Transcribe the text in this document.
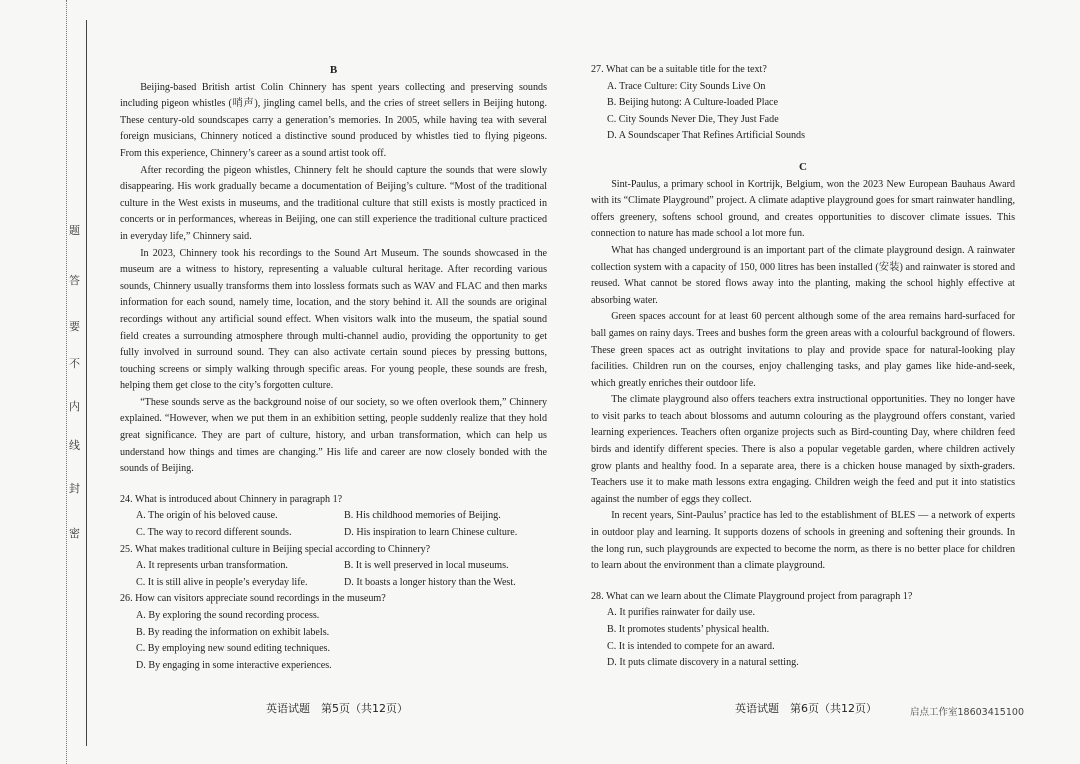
题
答
要
不
内
线
封
密

B

Beijing-based British artist Colin Chinnery has spent years collecting and preserving sounds including pigeon whistles (哨声), jingling camel bells, and the cries of street sellers in Beijing hutong. These century-old soundscapes carry a generation’s memories. In 2005, while having tea with several foreign musicians, Chinnery noticed a distinctive sound produced by whistles tied to flying pigeons. From this experience, Chinnery’s career as a sound artist took off.

After recording the pigeon whistles, Chinnery felt he should capture the sounds that were slowly disappearing. His work gradually became a documentation of Beijing’s culture. “Most of the traditional culture in the West exists in museums, and the traditional culture that still exists is mostly practiced in concerts or in performances, whereas in Beijing, one can still experience the traditional culture practiced in everyday life,” Chinnery said.

In 2023, Chinnery took his recordings to the Sound Art Museum. The sounds showcased in the museum are a witness to history, representing a valuable cultural heritage. After recording various sounds, Chinnery usually transforms them into lossless formats such as WAV and FLAC and then marks information for each sound, namely time, location, and the story behind it. All the sounds are original recordings without any artificial sound effect. When visitors walk into the museum, the spatial sound field creates a surrounding atmosphere through multi-channel audio, providing the opportunity to get fully involved in surround sound. They can also activate certain sound pieces by pressing buttons, touching screens or simply walking through specific areas. For young people, these sounds are fresh, helping them get close to the city’s forgotten culture.

“These sounds serve as the background noise of our society, so we often overlook them,” Chinnery explained. “However, when we put them in an exhibition setting, people suddenly realize that they hold great significance. They are part of culture, history, and urban transformation, which can help us understand how things and times are changing.” His life and career are now closely bonded with the sounds of Beijing.

24. What is introduced about Chinnery in paragraph 1?

A. The origin of his beloved cause.	B. His childhood memories of Beijing.
C. The way to record different sounds.	D. His inspiration to learn Chinese culture.

25. What makes traditional culture in Beijing special according to Chinnery?

A. It represents urban transformation.	B. It is well preserved in local museums.
C. It is still alive in people’s everyday life.	D. It boasts a longer history than the West.

26. How can visitors appreciate sound recordings in the museum?

A. By exploring the sound recording process.
B. By reading the information on exhibit labels.
C. By employing new sound editing techniques.
D. By engaging in some interactive experiences.

27. What can be a suitable title for the text?

A. Trace Culture: City Sounds Live On
B. Beijing hutong: A Culture-loaded Place
C. City Sounds Never Die, They Just Fade
D. A Soundscaper That Refines Artificial Sounds

C

Sint-Paulus, a primary school in Kortrijk, Belgium, won the 2023 New European Bauhaus Award with its “Climate Playground” project. A climate adaptive playground goes for smart rainwater handling, offers greenery, softens school ground, and creates opportunities to discover climate issues. This connection to nature has made school a lot more fun.

What has changed underground is an important part of the climate playground design. A rainwater collection system with a capacity of 150, 000 litres has been installed (安装) and rainwater is stored and reused. What cannot be stored flows away into the planting, making the school highly effective at absorbing water.

Green spaces account for at least 60 percent although some of the area remains hard-surfaced for ball games on rainy days. Trees and bushes form the green areas with a colourful background of flowers. These green spaces act as outright invitations to play and provide space for natural-looking play facilities. Children run on the courses, enjoy challenging tasks, and play games like hide-and-seek, which greatly enriches their outdoor life.

The climate playground also offers teachers extra instructional opportunities. They no longer have to visit parks to teach about blossoms and autumn colouring as the playground offers constant, varied learning experiences. Teachers often organize projects such as Bird-counting Day, where children feed birds and identify different species. There is also a popular vegetable garden, where children actively grow plants and healthy food. In a separate area, there is a chicken house managed by sixth-graders. Teachers use it to make math lessons extra engaging. Children weigh the feed and put it into statistics against the number of eggs they collect.

In recent years, Sint-Paulus’ practice has led to the establishment of BLES — a network of experts in outdoor play and learning. It supports dozens of schools in greening and softening their grounds. In the long run, such playgrounds are expected to become the norm, as there is no better place for children to learn about the environment than a climate playground.

28. What can we learn about the Climate Playground project from paragraph 1?

A. It purifies rainwater for daily use.
B. It promotes students’ physical health.
C. It is intended to compete for an award.
D. It puts climate discovery in a natural setting.
英语试题　第5页（共12页）	英语试题　第6页（共12页）	启点工作室18603415100
